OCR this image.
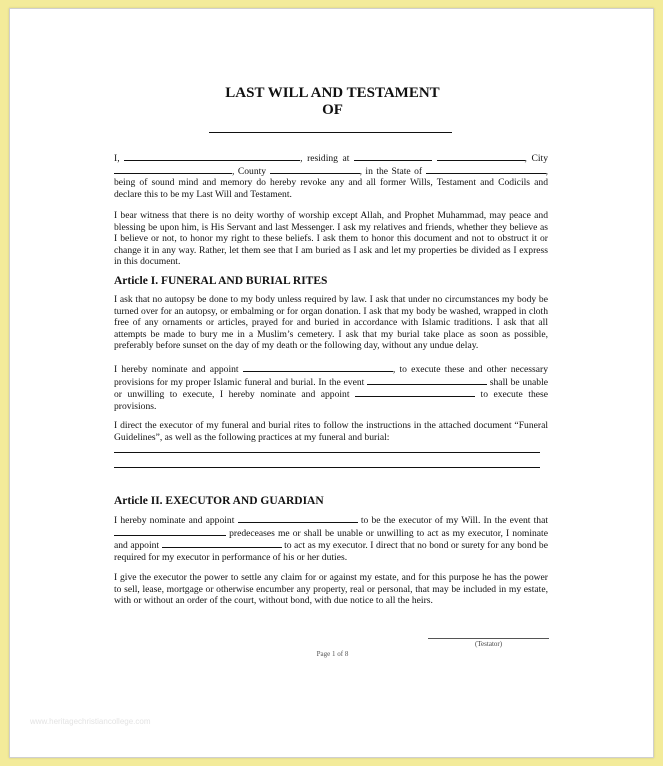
LAST WILL AND TESTAMENT
OF
I,	, residing at	, City , County	, in the State of	, being of sound mind and memory do hereby revoke any and all former Wills, Testament and Codicils and declare this to be my Last Will and Testament.
I bear witness that there is no deity worthy of worship except Allah, and Prophet Muhammad, may peace and blessing be upon him, is His Servant and last Messenger. I ask my relatives and friends, whether they believe as I believe or not, to honor my right to these beliefs. I ask them to honor this document and not to obstruct it or change it in any way. Rather, let them see that I am buried as I ask and let my properties be divided as I express in this document.
Article I. FUNERAL AND BURIAL RITES
I ask that no autopsy be done to my body unless required by law. I ask that under no circumstances my body be turned over for an autopsy, or embalming or for organ donation. I ask that my body be washed, wrapped in cloth free of any ornaments or articles, prayed for and buried in accordance with Islamic traditions. I ask that all attempts be made to bury me in a Muslim’s cemetery. I ask that my burial take place as soon as possible, preferably before sunset on the day of my death or the following day, without any undue delay.
I hereby nominate and appoint	, to execute these and other necessary provisions for my proper Islamic funeral and burial. In the event	shall be unable or unwilling to execute, I hereby nominate and appoint	to execute these provisions.
I direct the executor of my funeral and burial rites to follow the instructions in the attached document “Funeral Guidelines”, as well as the following practices at my funeral and burial:
Article II. EXECUTOR AND GUARDIAN
I hereby nominate and appoint	to be the executor of my Will. In the event that  predeceases me or shall be unable or unwilling to act as my executor, I nominate and appoint	to act as my executor. I direct that no bond or surety for any bond be required for my executor in performance of his or her duties.
I give the executor the power to settle any claim for or against my estate, and for this purpose he has the power to sell, lease, mortgage or otherwise encumber any property, real or personal, that may be included in my estate, with or without an order of the court, without bond, with due notice to all the heirs.
(Testator)
Page 1 of 8
www.heritagechristiancollege.com
